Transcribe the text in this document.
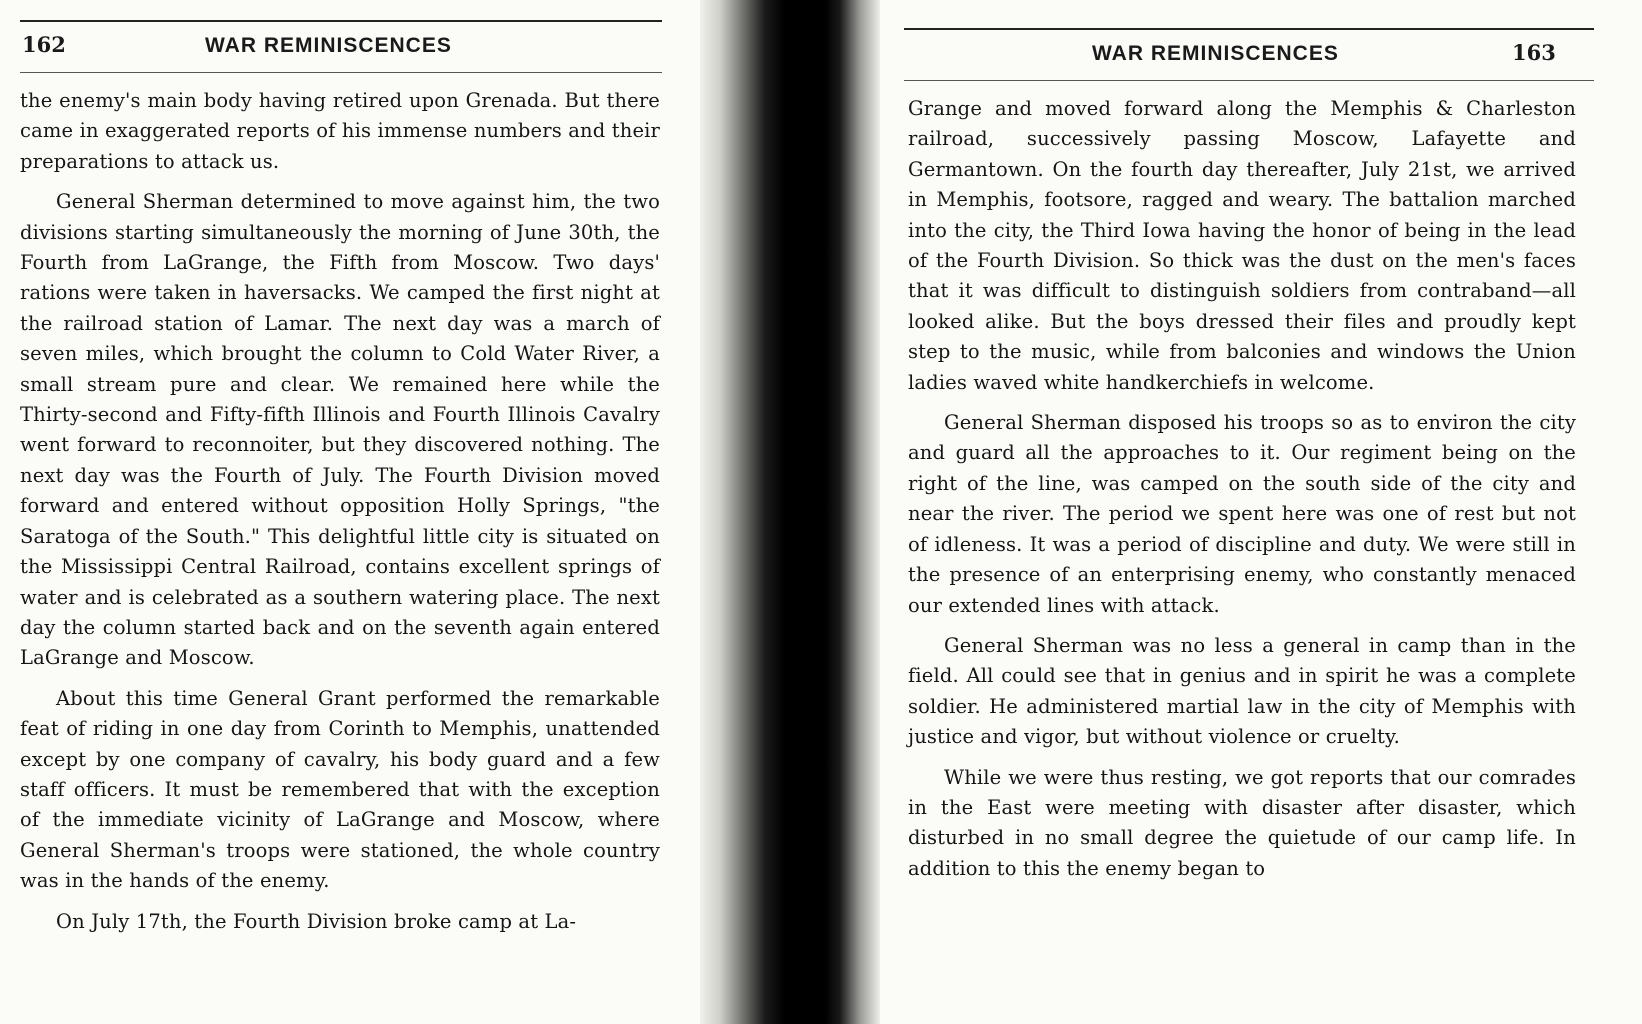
162	WAR REMINISCENCES

the enemy's main body having retired upon Grenada. But there came in exaggerated reports of his immense numbers and their preparations to attack us.

General Sherman determined to move against him, the two divisions starting simultaneously the morning of June 30th, the Fourth from LaGrange, the Fifth from Moscow. Two days' rations were taken in haversacks. We camped the first night at the railroad station of Lamar. The next day was a march of seven miles, which brought the column to Cold Water River, a small stream pure and clear. We remained here while the Thirty-second and Fifty-fifth Illinois and Fourth Illinois Cavalry went forward to reconnoiter, but they discovered nothing. The next day was the Fourth of July. The Fourth Division moved forward and entered without opposition Holly Springs, "the Saratoga of the South." This delightful little city is situated on the Mississippi Central Railroad, contains excellent springs of water and is celebrated as a southern watering place. The next day the column started back and on the seventh again entered LaGrange and Moscow.

About this time General Grant performed the remarkable feat of riding in one day from Corinth to Memphis, unattended except by one company of cavalry, his body guard and a few staff officers. It must be remembered that with the exception of the immediate vicinity of LaGrange and Moscow, where General Sherman's troops were stationed, the whole country was in the hands of the enemy.

On July 17th, the Fourth Division broke camp at La-

WAR REMINISCENCES	163

Grange and moved forward along the Memphis & Charleston railroad, successively passing Moscow, Lafayette and Germantown. On the fourth day thereafter, July 21st, we arrived in Memphis, footsore, ragged and weary. The battalion marched into the city, the Third Iowa having the honor of being in the lead of the Fourth Division. So thick was the dust on the men's faces that it was difficult to distinguish soldiers from contraband—all looked alike. But the boys dressed their files and proudly kept step to the music, while from balconies and windows the Union ladies waved white handkerchiefs in welcome.

General Sherman disposed his troops so as to environ the city and guard all the approaches to it. Our regiment being on the right of the line, was camped on the south side of the city and near the river. The period we spent here was one of rest but not of idleness. It was a period of discipline and duty. We were still in the presence of an enterprising enemy, who constantly menaced our extended lines with attack.

General Sherman was no less a general in camp than in the field. All could see that in genius and in spirit he was a complete soldier. He administered martial law in the city of Memphis with justice and vigor, but without violence or cruelty.

While we were thus resting, we got reports that our comrades in the East were meeting with disaster after disaster, which disturbed in no small degree the quietude of our camp life. In addition to this the enemy began to
